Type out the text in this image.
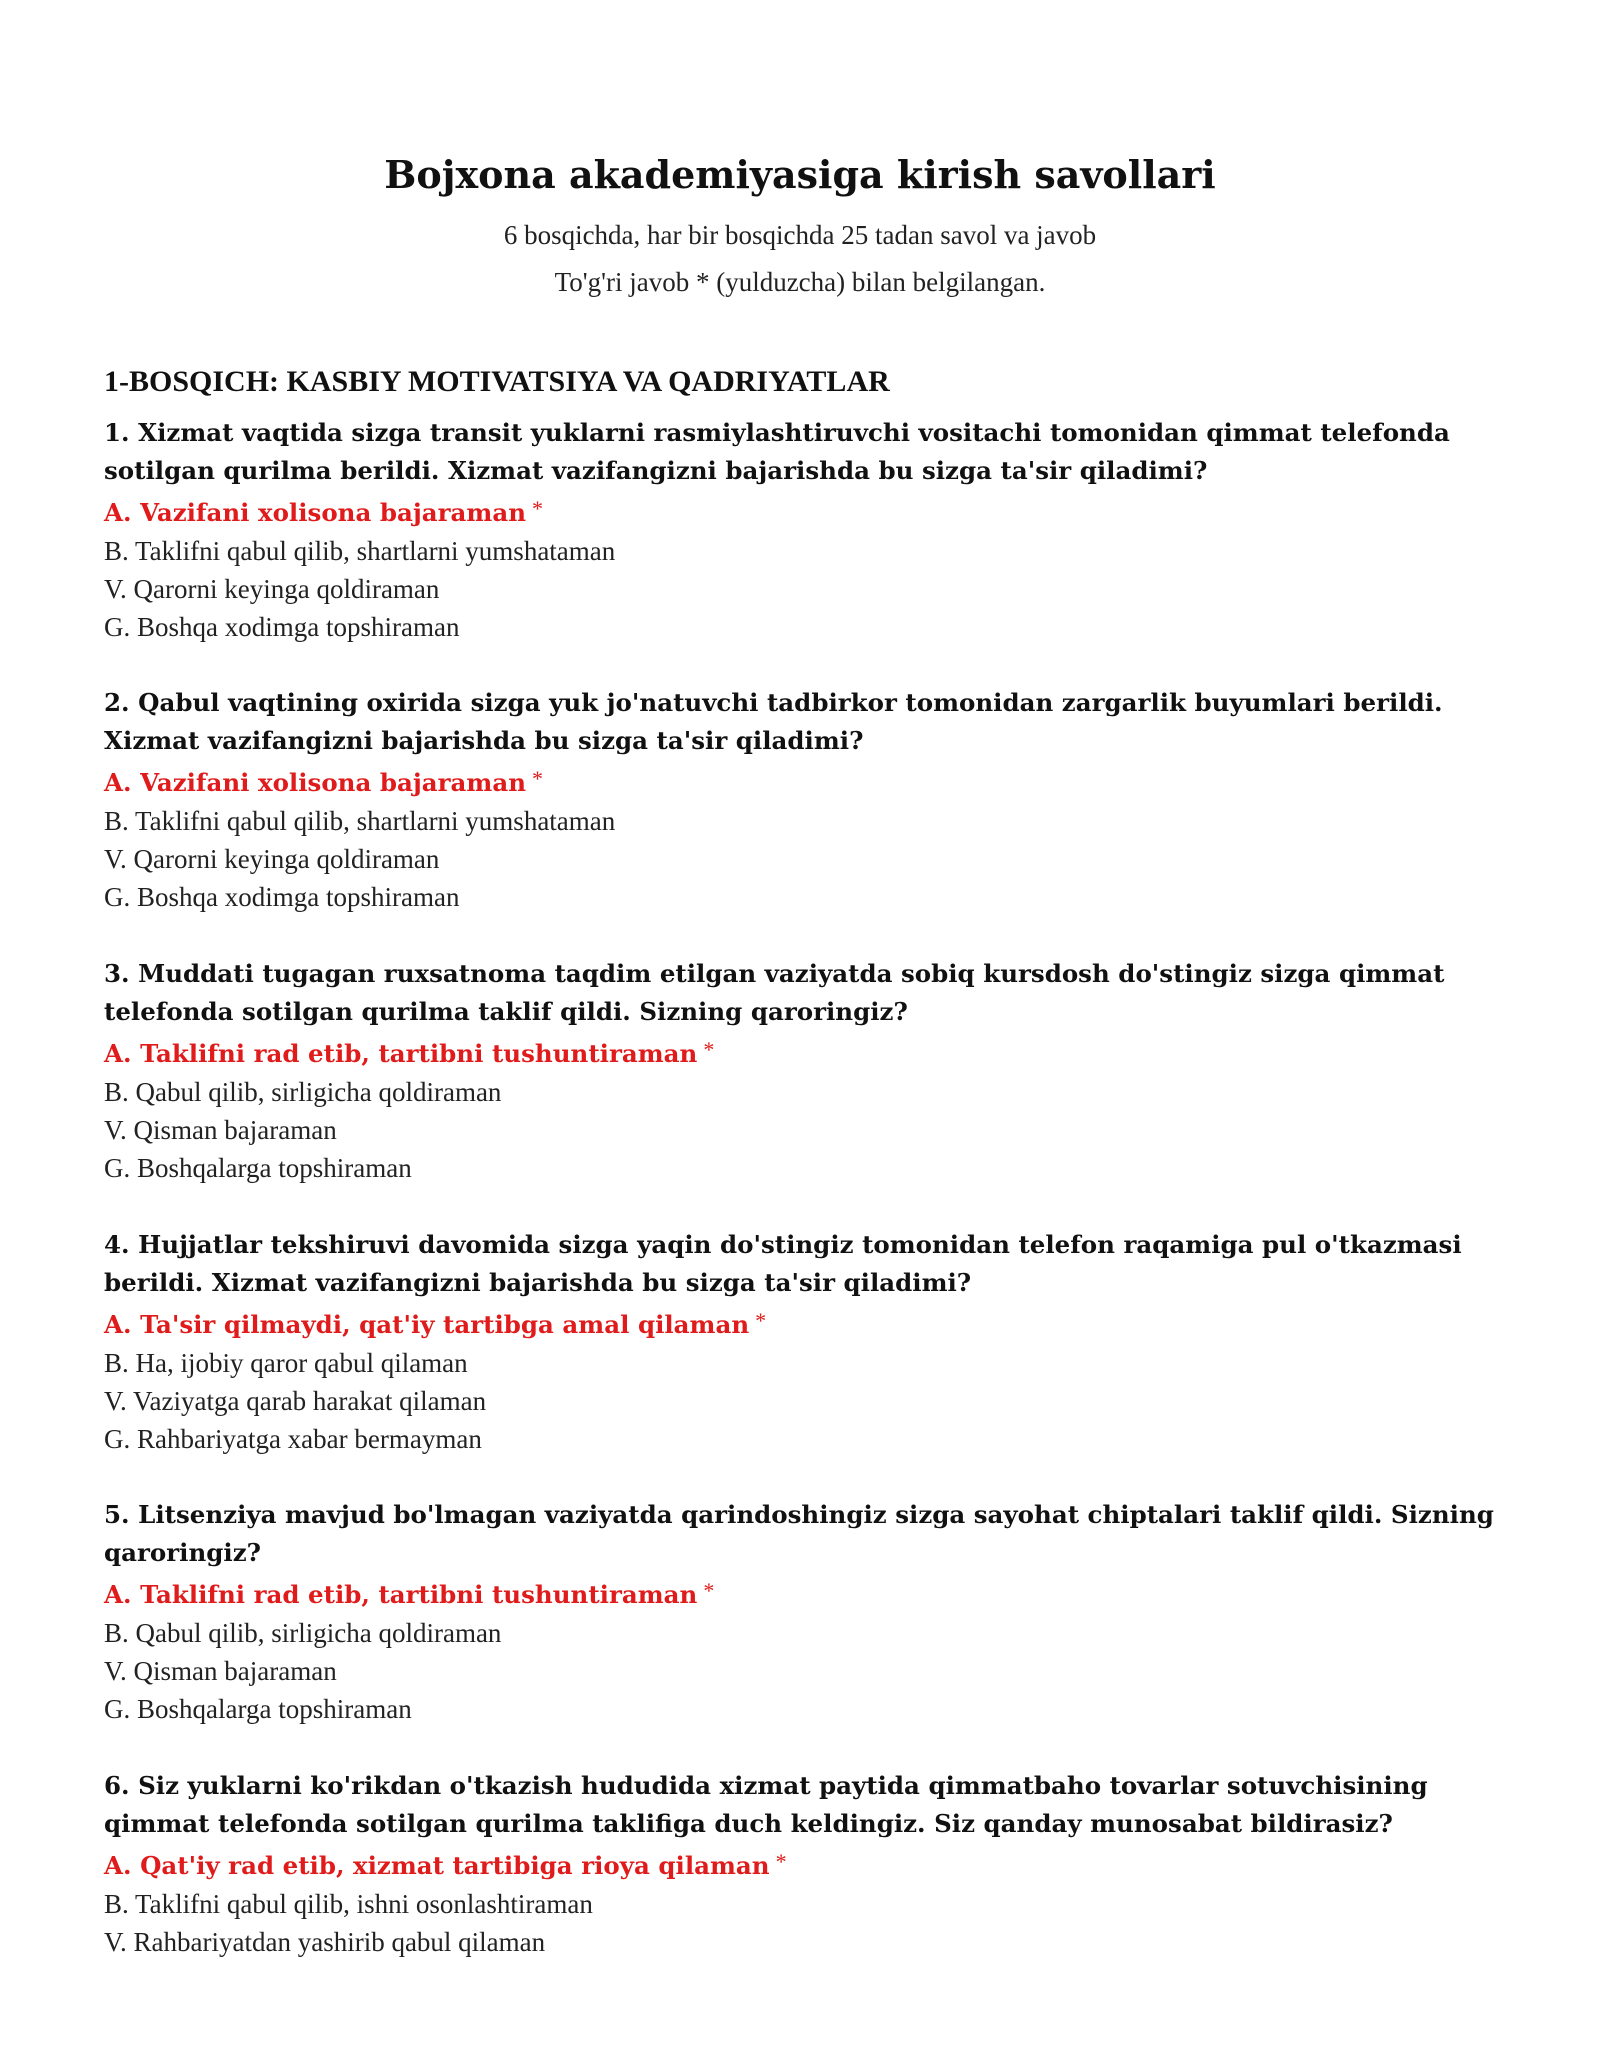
Bojxona akademiyasiga kirish savollari

6 bosqichda, har bir bosqichda 25 tadan savol va javob

To'g'ri javob * (yulduzcha) bilan belgilangan.

1-BOSQICH: KASBIY MOTIVATSIYA VA QADRIYATLAR

1. Xizmat vaqtida sizga transit yuklarni rasmiylashtiruvchi vositachi tomonidan qimmat telefonda sotilgan qurilma berildi. Xizmat vazifangizni bajarishda bu sizga ta'sir qiladimi?

A. Vazifani xolisona bajaraman *

B. Taklifni qabul qilib, shartlarni yumshataman

V. Qarorni keyinga qoldiraman

G. Boshqa xodimga topshiraman

2. Qabul vaqtining oxirida sizga yuk jo'natuvchi tadbirkor tomonidan zargarlik buyumlari berildi. Xizmat vazifangizni bajarishda bu sizga ta'sir qiladimi?

A. Vazifani xolisona bajaraman *

B. Taklifni qabul qilib, shartlarni yumshataman

V. Qarorni keyinga qoldiraman

G. Boshqa xodimga topshiraman

3. Muddati tugagan ruxsatnoma taqdim etilgan vaziyatda sobiq kursdosh do'stingiz sizga qimmat telefonda sotilgan qurilma taklif qildi. Sizning qaroringiz?

A. Taklifni rad etib, tartibni tushuntiraman *

B. Qabul qilib, sirligicha qoldiraman

V. Qisman bajaraman

G. Boshqalarga topshiraman

4. Hujjatlar tekshiruvi davomida sizga yaqin do'stingiz tomonidan telefon raqamiga pul o'tkazmasi berildi. Xizmat vazifangizni bajarishda bu sizga ta'sir qiladimi?

A. Ta'sir qilmaydi, qat'iy tartibga amal qilaman *

B. Ha, ijobiy qaror qabul qilaman

V. Vaziyatga qarab harakat qilaman

G. Rahbariyatga xabar bermayman

5. Litsenziya mavjud bo'lmagan vaziyatda qarindoshingiz sizga sayohat chiptalari taklif qildi. Sizning qaroringiz?

A. Taklifni rad etib, tartibni tushuntiraman *

B. Qabul qilib, sirligicha qoldiraman

V. Qisman bajaraman

G. Boshqalarga topshiraman

6. Siz yuklarni ko'rikdan o'tkazish hududida xizmat paytida qimmatbaho tovarlar sotuvchisining qimmat telefonda sotilgan qurilma taklifiga duch keldingiz. Siz qanday munosabat bildirasiz?

A. Qat'iy rad etib, xizmat tartibiga rioya qilaman *

B. Taklifni qabul qilib, ishni osonlashtiraman

V. Rahbariyatdan yashirib qabul qilaman
